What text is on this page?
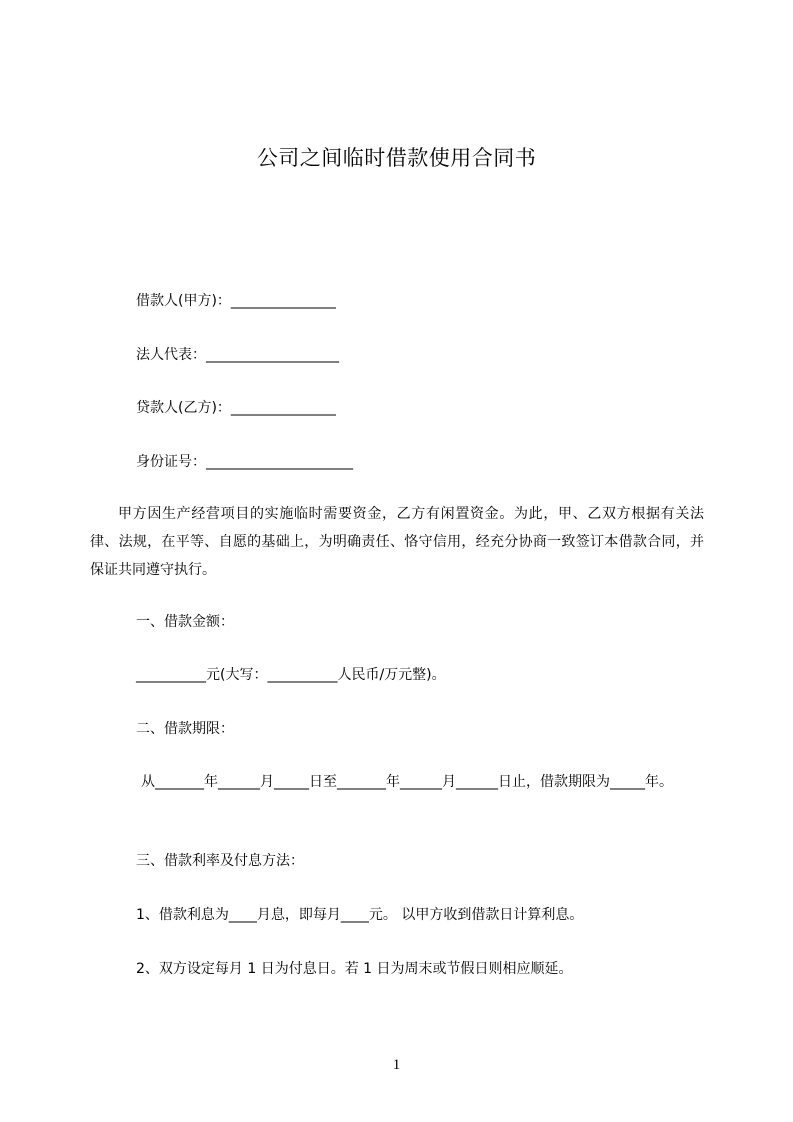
公司之间临时借款使用合同书
借款人(甲方)：_______________
法人代表：___________________
贷款人(乙方)：_______________
身份证号：_____________________
甲方因生产经营项目的实施临时需要资金，乙方有闲置资金。为此，甲、乙双方根据有关法律、法规，在平等、自愿的基础上，为明确责任、恪守信用，经充分协商一致签订本借款合同，并保证共同遵守执行。
一、借款金额：
__________元(大写：__________人民币/万元整)。
二、借款期限：
从_______年______月_____日至_______年______月______日止，借款期限为_____年。
三、借款利率及付息方法：
1、借款利息为____月息，即每月____元。 以甲方收到借款日计算利息。
2、双方设定每月 1 日为付息日。若 1 日为周末或节假日则相应顺延。
1
